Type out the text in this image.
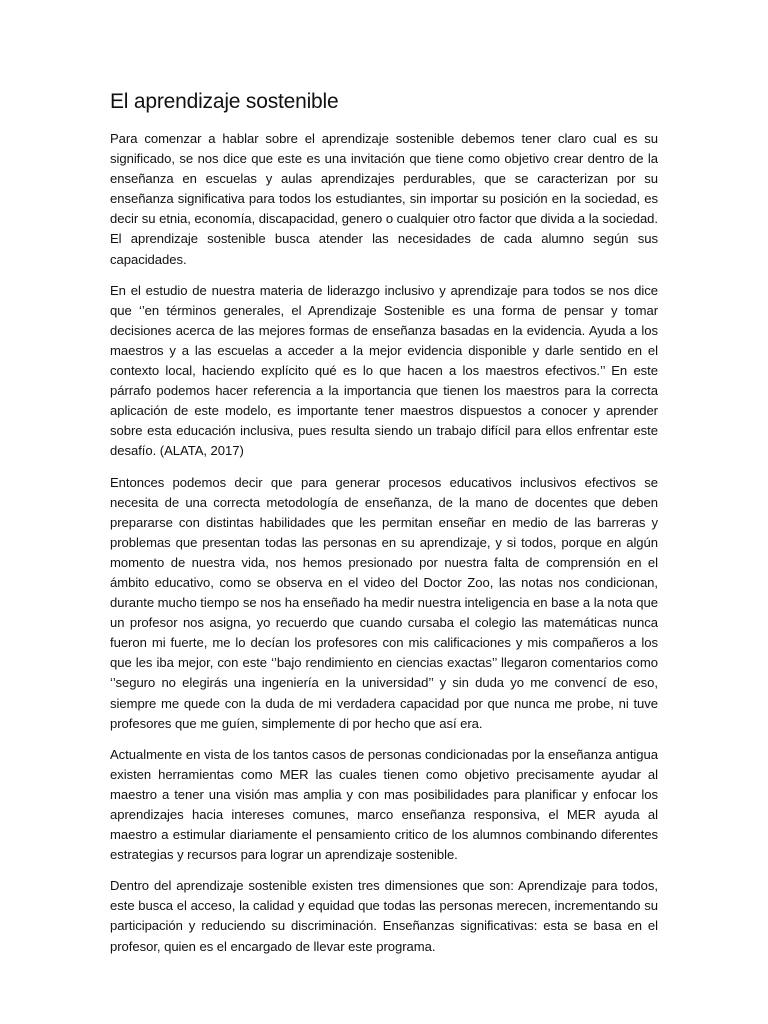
El aprendizaje sostenible

Para comenzar a hablar sobre el aprendizaje sostenible debemos tener claro cual es su significado, se nos dice que este es una invitación que tiene como objetivo crear dentro de la enseñanza en escuelas y aulas aprendizajes perdurables, que se caracterizan por su enseñanza significativa para todos los estudiantes, sin importar su posición en la sociedad, es decir su etnia, economía, discapacidad, genero o cualquier otro factor que divida a la sociedad. El aprendizaje sostenible busca atender las necesidades de cada alumno según sus capacidades.

En el estudio de nuestra materia de liderazgo inclusivo y aprendizaje para todos se nos dice que ‘’en términos generales, el Aprendizaje Sostenible es una forma de pensar y tomar decisiones acerca de las mejores formas de enseñanza basadas en la evidencia. Ayuda a los maestros y a las escuelas a acceder a la mejor evidencia disponible y darle sentido en el contexto local, haciendo explícito qué es lo que hacen a los maestros efectivos.’’ En este párrafo podemos hacer referencia a la importancia que tienen los maestros para la correcta aplicación de este modelo, es importante tener maestros dispuestos a conocer y aprender sobre esta educación inclusiva, pues resulta siendo un trabajo difícil para ellos enfrentar este desafío. (ALATA, 2017)

Entonces podemos decir que para generar procesos educativos inclusivos efectivos se necesita de una correcta metodología de enseñanza, de la mano de docentes que deben prepararse con distintas habilidades que les permitan enseñar en medio de las barreras y problemas que presentan todas las personas en su aprendizaje, y si todos, porque en algún momento de nuestra vida, nos hemos presionado por nuestra falta de comprensión en el ámbito educativo, como se observa en el video del Doctor Zoo, las notas nos condicionan, durante mucho tiempo se nos ha enseñado ha medir nuestra inteligencia en base a la nota que un profesor nos asigna, yo recuerdo que cuando cursaba el colegio las matemáticas nunca fueron mi fuerte, me lo decían los profesores con mis calificaciones y mis compañeros a los que les iba mejor, con este ‘’bajo rendimiento en ciencias exactas’’ llegaron comentarios como ‘’seguro no elegirás una ingeniería en la universidad’’ y sin duda yo me convencí de eso, siempre me quede con la duda de mi verdadera capacidad por que nunca me probe, ni tuve profesores que me guíen, simplemente di por hecho que así era.

Actualmente en vista de los tantos casos de personas condicionadas por la enseñanza antigua existen herramientas como MER las cuales tienen como objetivo precisamente ayudar al maestro a tener una visión mas amplia y con mas posibilidades para planificar y enfocar los aprendizajes hacia intereses comunes, marco enseñanza responsiva, el MER ayuda al maestro a estimular diariamente el pensamiento critico de los alumnos combinando diferentes estrategias y recursos para lograr un aprendizaje sostenible.

Dentro del aprendizaje sostenible existen tres dimensiones que son: Aprendizaje para todos, este busca el acceso, la calidad y equidad que todas las personas merecen, incrementando su participación y reduciendo su discriminación. Enseñanzas significativas: esta se basa en el profesor, quien es el encargado de llevar este programa.
